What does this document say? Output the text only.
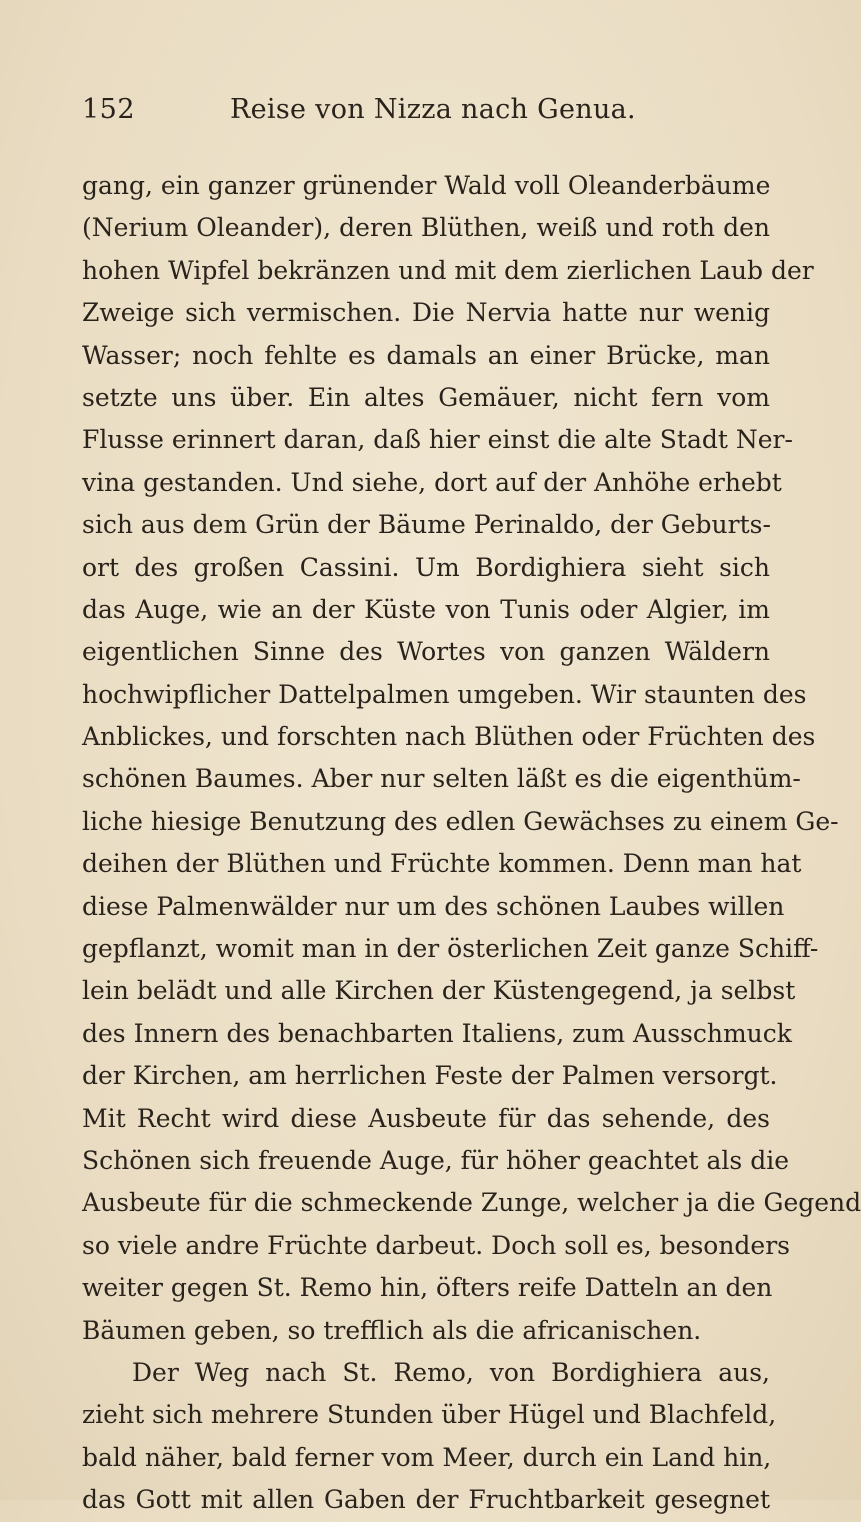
152	Reise von Nizza nach Genua.
gang, ein ganzer grünender Wald voll Oleanderbäume
(Nerium Oleander), deren Blüthen, weiß und roth den
hohen Wipfel bekränzen und mit dem zierlichen Laub der
Zweige sich vermischen. Die Nervia hatte nur wenig
Wasser; noch fehlte es damals an einer Brücke, man
setzte uns über. Ein altes Gemäuer, nicht fern vom
Flusse erinnert daran, daß hier einst die alte Stadt Ner-
vina gestanden. Und siehe, dort auf der Anhöhe erhebt
sich aus dem Grün der Bäume Perinaldo, der Geburts-
ort des großen Cassini. Um Bordighiera sieht sich
das Auge, wie an der Küste von Tunis oder Algier, im
eigentlichen Sinne des Wortes von ganzen Wäldern
hochwipflicher Dattelpalmen umgeben. Wir staunten des
Anblickes, und forschten nach Blüthen oder Früchten des
schönen Baumes. Aber nur selten läßt es die eigenthüm-
liche hiesige Benutzung des edlen Gewächses zu einem Ge-
deihen der Blüthen und Früchte kommen. Denn man hat
diese Palmenwälder nur um des schönen Laubes willen
gepflanzt, womit man in der österlichen Zeit ganze Schiff-
lein belädt und alle Kirchen der Küstengegend, ja selbst
des Innern des benachbarten Italiens, zum Ausschmuck
der Kirchen, am herrlichen Feste der Palmen versorgt.
Mit Recht wird diese Ausbeute für das sehende, des
Schönen sich freuende Auge, für höher geachtet als die
Ausbeute für die schmeckende Zunge, welcher ja die Gegend
so viele andre Früchte darbeut. Doch soll es, besonders
weiter gegen St. Remo hin, öfters reife Datteln an den
Bäumen geben, so trefflich als die africanischen.
Der Weg nach St. Remo, von Bordighiera aus,
zieht sich mehrere Stunden über Hügel und Blachfeld,
bald näher, bald ferner vom Meer, durch ein Land hin,
das Gott mit allen Gaben der Fruchtbarkeit gesegnet
